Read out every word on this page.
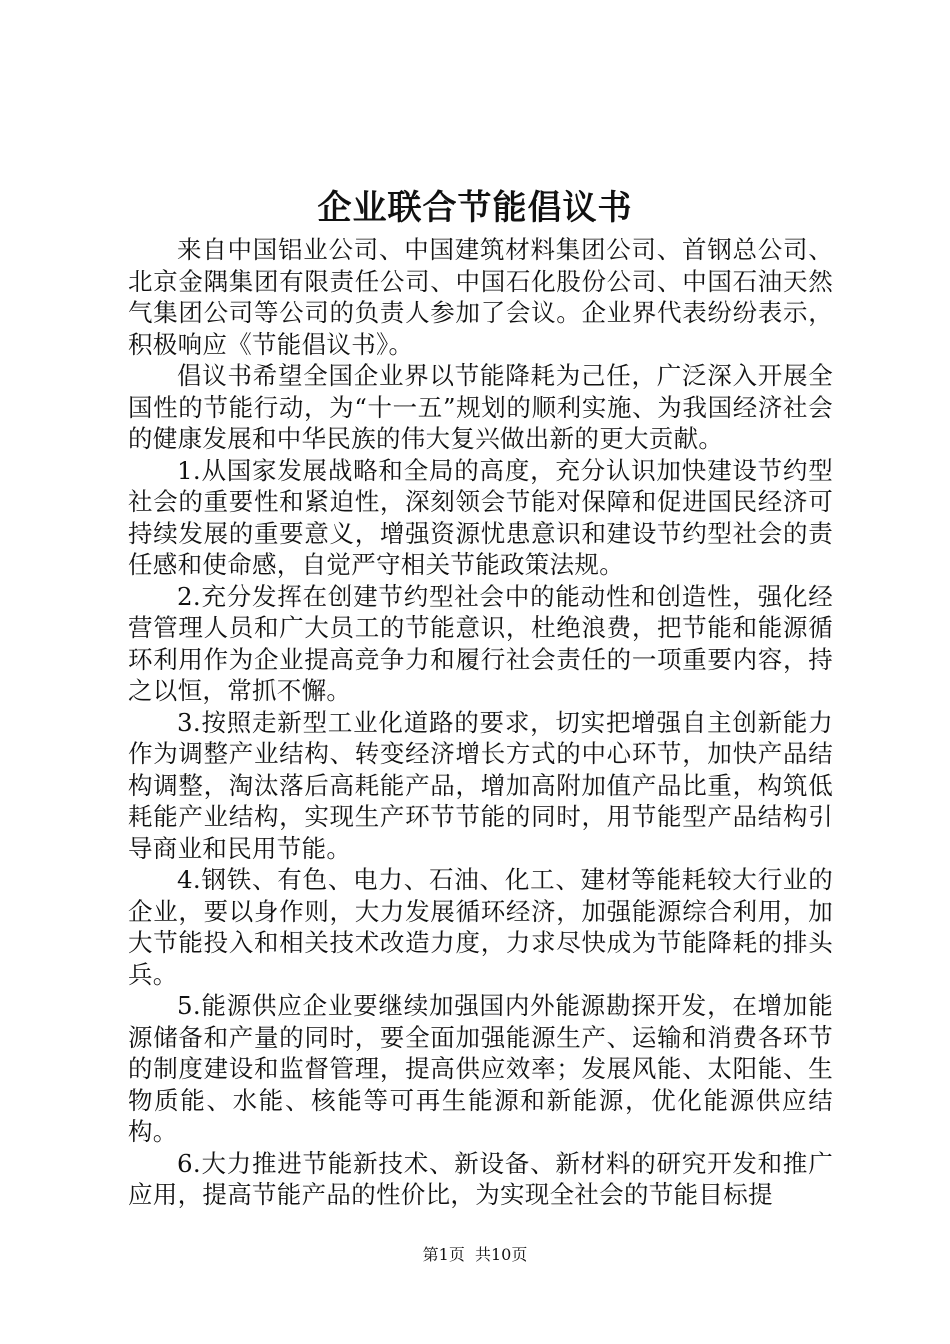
企业联合节能倡议书

来自中国铝业公司、中国建筑材料集团公司、首钢总公司、北京金隅集团有限责任公司、中国石化股份公司、中国石油天然气集团公司等公司的负责人参加了会议。企业界代表纷纷表示，积极响应《节能倡议书》。

倡议书希望全国企业界以节能降耗为己任，广泛深入开展全国性的节能行动，为“十一五”规划的顺利实施、为我国经济社会的健康发展和中华民族的伟大复兴做出新的更大贡献。

1.从国家发展战略和全局的高度，充分认识加快建设节约型社会的重要性和紧迫性，深刻领会节能对保障和促进国民经济可持续发展的重要意义，增强资源忧患意识和建设节约型社会的责任感和使命感，自觉严守相关节能政策法规。

2.充分发挥在创建节约型社会中的能动性和创造性，强化经营管理人员和广大员工的节能意识，杜绝浪费，把节能和能源循环利用作为企业提高竞争力和履行社会责任的一项重要内容，持之以恒，常抓不懈。

3.按照走新型工业化道路的要求，切实把增强自主创新能力作为调整产业结构、转变经济增长方式的中心环节，加快产品结构调整，淘汰落后高耗能产品，增加高附加值产品比重，构筑低耗能产业结构，实现生产环节节能的同时，用节能型产品结构引导商业和民用节能。

4.钢铁、有色、电力、石油、化工、建材等能耗较大行业的企业，要以身作则，大力发展循环经济，加强能源综合利用，加大节能投入和相关技术改造力度，力求尽快成为节能降耗的排头兵。

5.能源供应企业要继续加强国内外能源勘探开发，在增加能源储备和产量的同时，要全面加强能源生产、运输和消费各环节的制度建设和监督管理，提高供应效率；发展风能、太阳能、生物质能、水能、核能等可再生能源和新能源，优化能源供应结构。

6.大力推进节能新技术、新设备、新材料的研究开发和推广应用，提高节能产品的性价比，为实现全社会的节能目标提

第1页  共10页
